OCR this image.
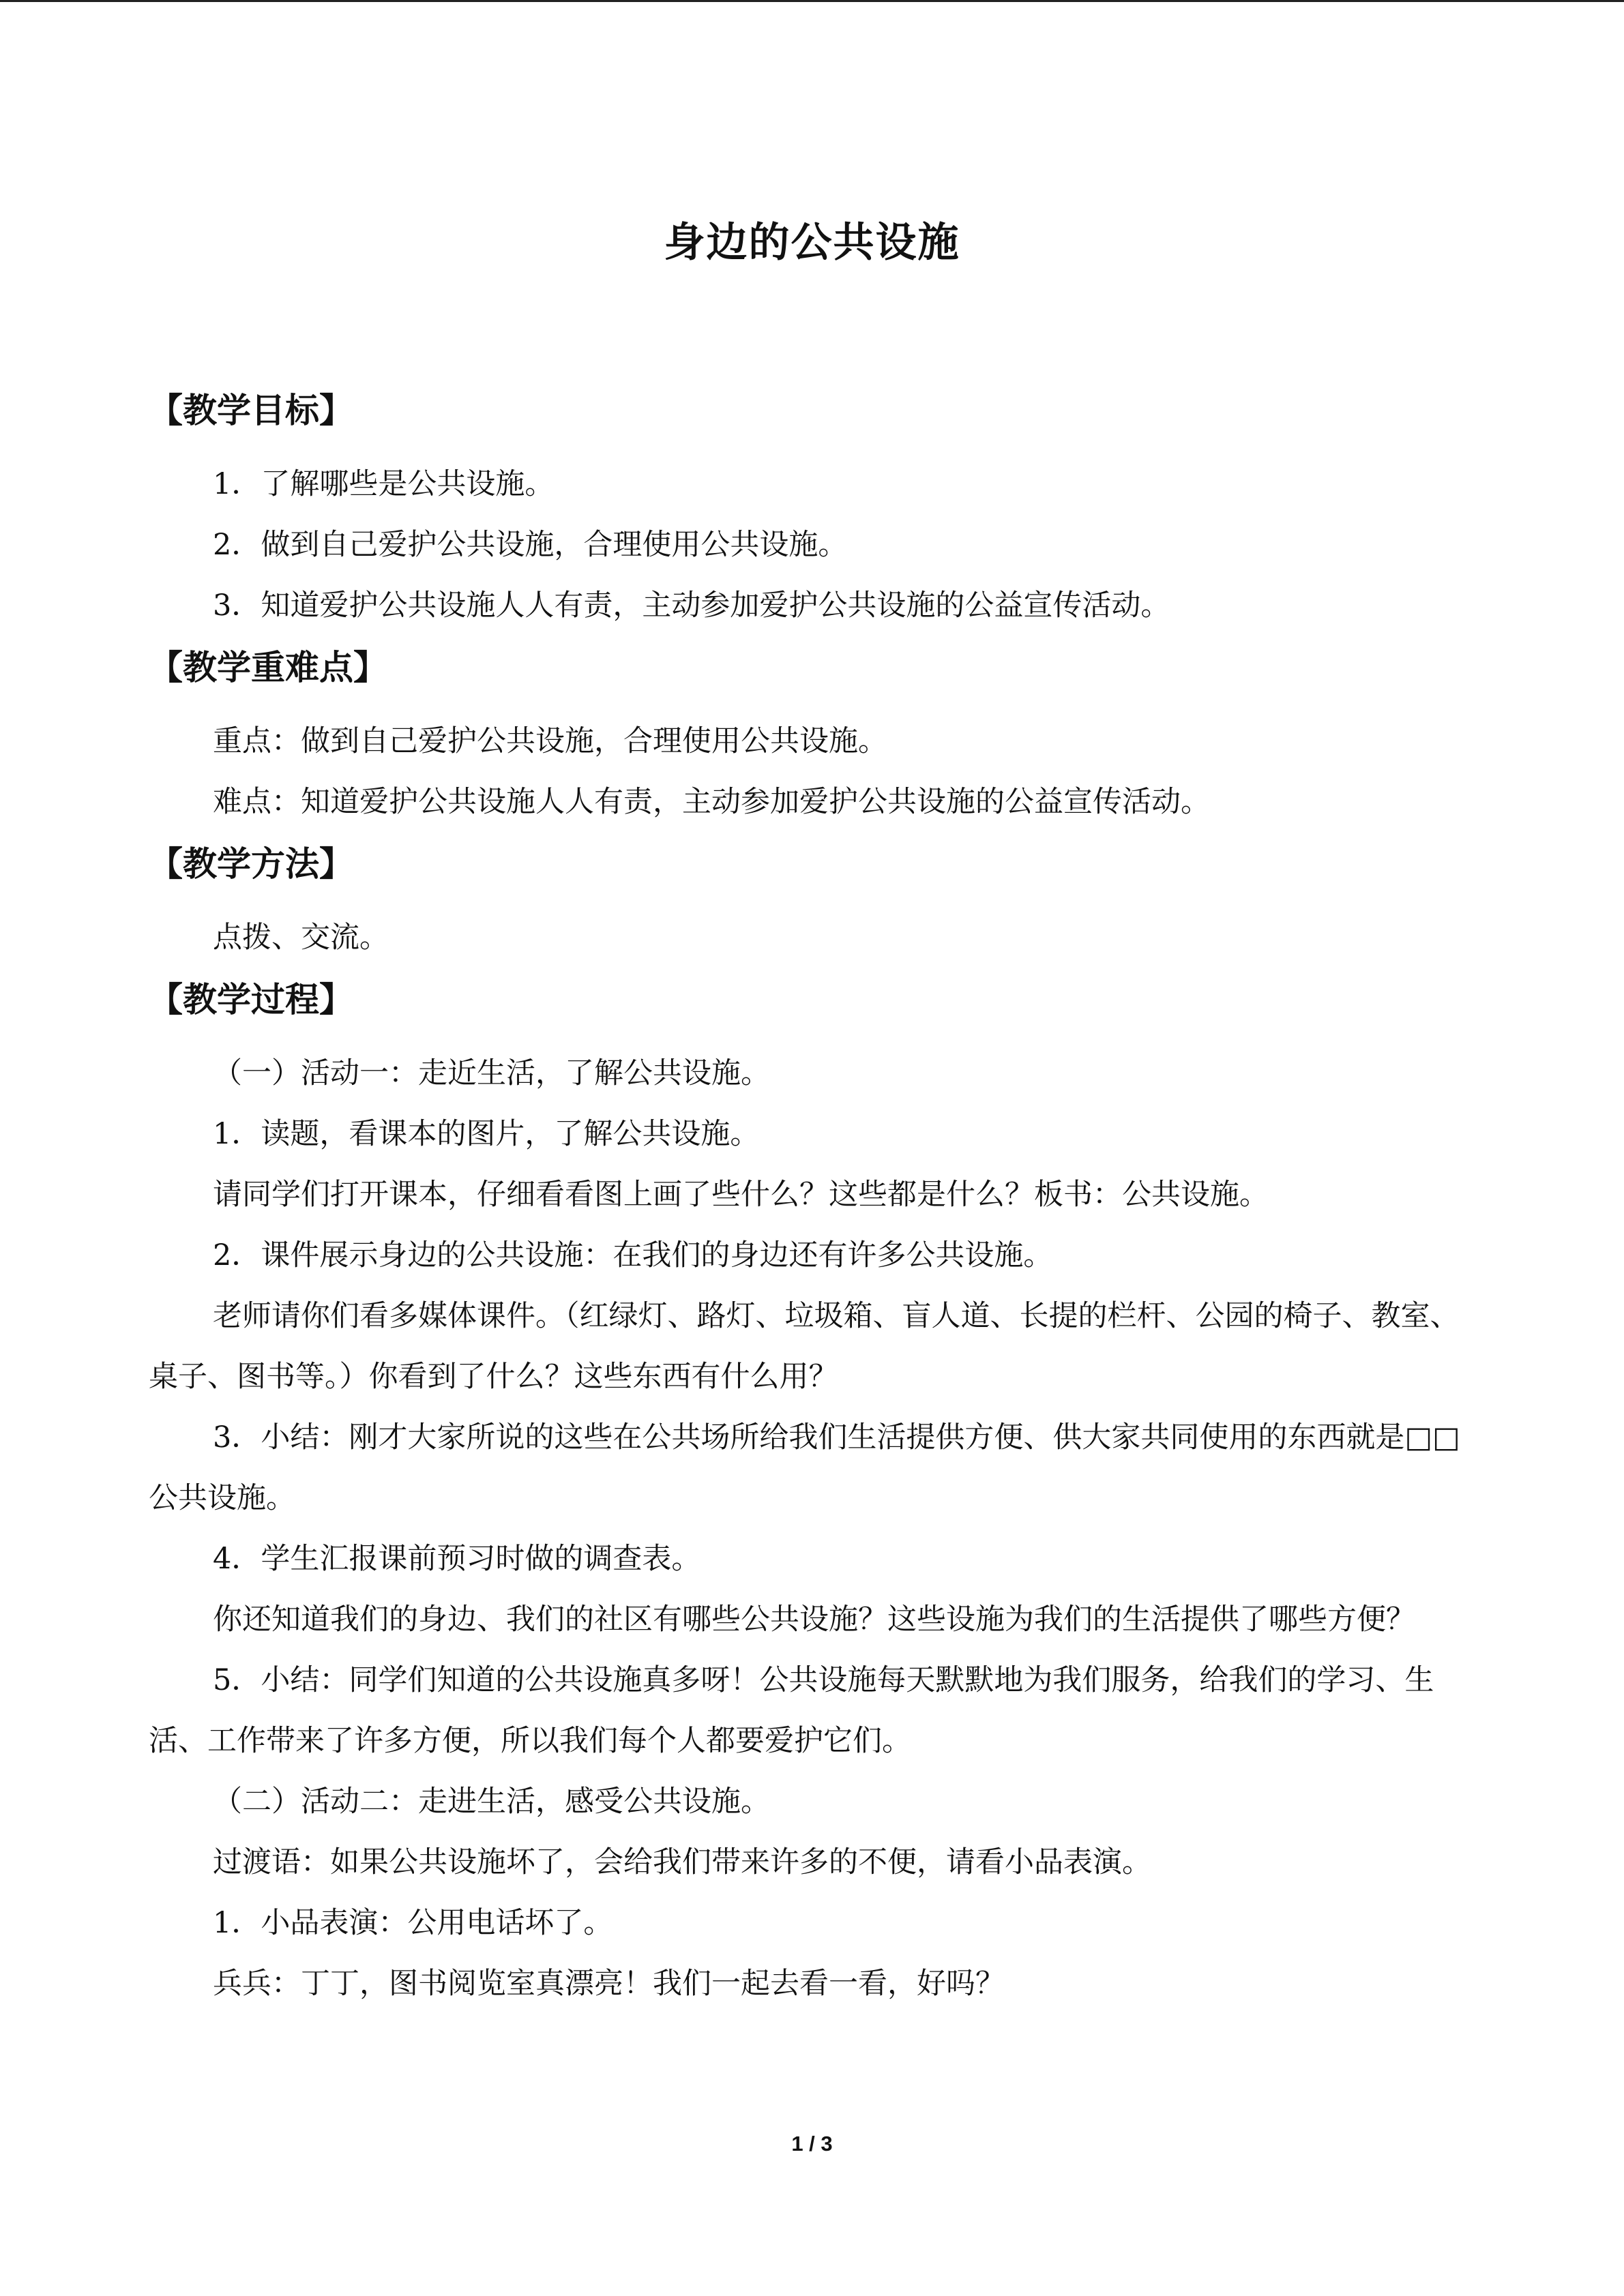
身边的公共设施
【教学目标】

1．了解哪些是公共设施。

2．做到自己爱护公共设施，合理使用公共设施。

3．知道爱护公共设施人人有责，主动参加爱护公共设施的公益宣传活动。

【教学重难点】

重点：做到自己爱护公共设施，合理使用公共设施。

难点：知道爱护公共设施人人有责，主动参加爱护公共设施的公益宣传活动。

【教学方法】

点拨、交流。

【教学过程】

（一）活动一：走近生活，了解公共设施。

1．读题，看课本的图片，了解公共设施。

请同学们打开课本，仔细看看图上画了些什么？这些都是什么？板书：公共设施。

2．课件展示身边的公共设施：在我们的身边还有许多公共设施。

老师请你们看多媒体课件。（红绿灯、路灯、垃圾箱、盲人道、长提的栏杆、公园的椅子、教室、桌子、图书等。）你看到了什么？这些东西有什么用？

3．小结：刚才大家所说的这些在公共场所给我们生活提供方便、供大家共同使用的东西就是□□公共设施。

4．学生汇报课前预习时做的调查表。

你还知道我们的身边、我们的社区有哪些公共设施？这些设施为我们的生活提供了哪些方便？

5．小结：同学们知道的公共设施真多呀！公共设施每天默默地为我们服务，给我们的学习、生活、工作带来了许多方便，所以我们每个人都要爱护它们。

（二）活动二：走进生活，感受公共设施。

过渡语：如果公共设施坏了，会给我们带来许多的不便，请看小品表演。

1．小品表演：公用电话坏了。

兵兵：丁丁，图书阅览室真漂亮！我们一起去看一看，好吗？

1 / 3
